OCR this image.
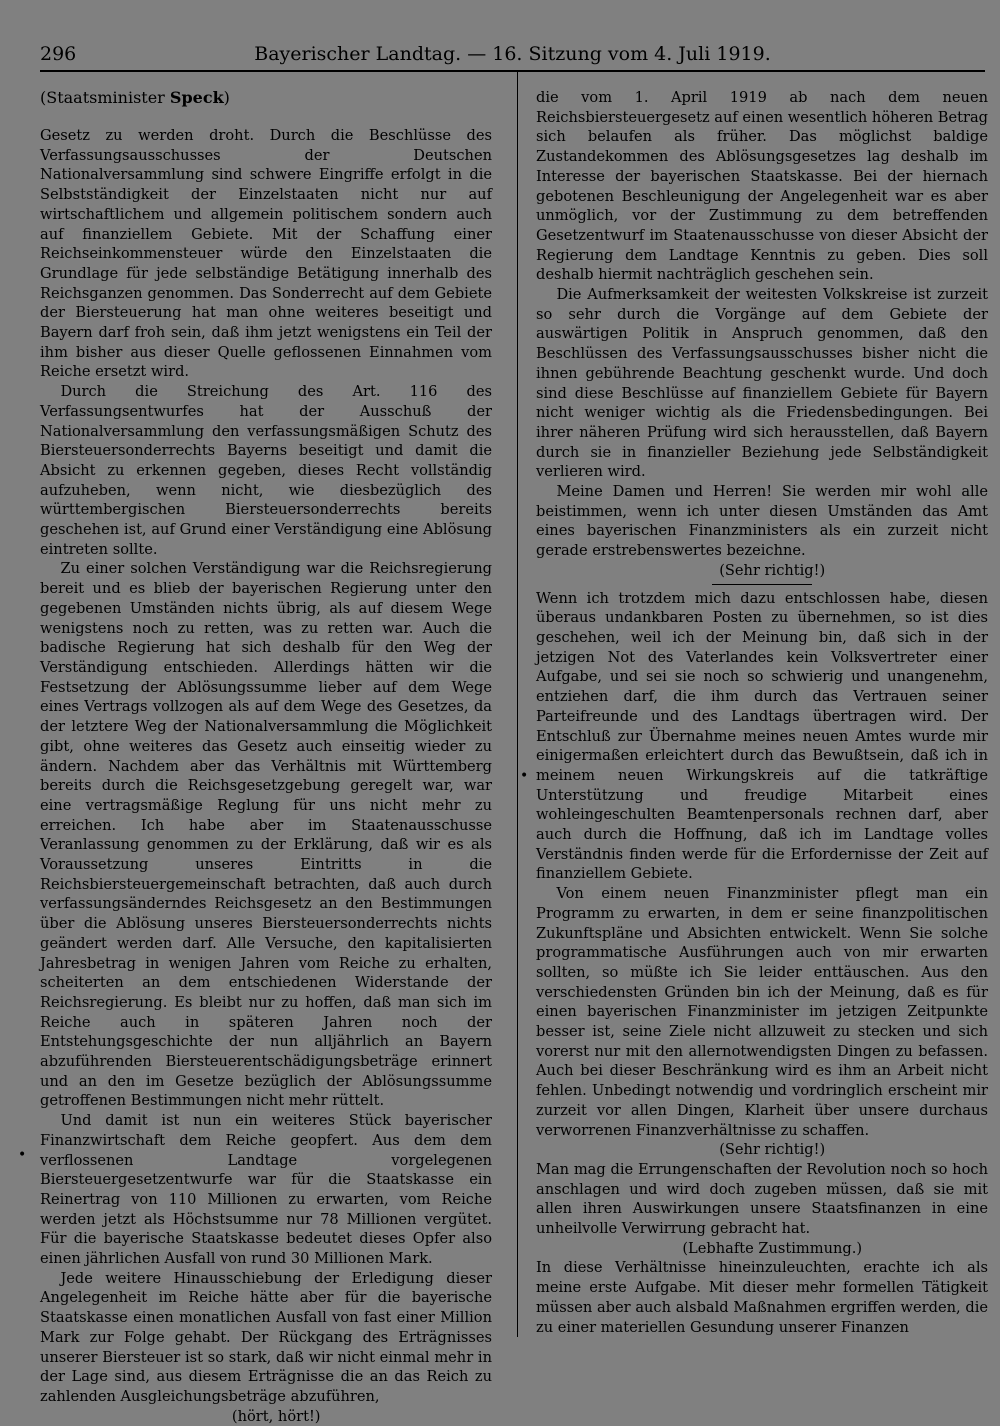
296	Bayerischer Landtag. — 16. Sitzung vom 4. Juli 1919.
(Staatsminister Speck)

Gesetz zu werden droht. Durch die Beschlüsse des Verfassungsausschusses der Deutschen Nationalversammlung sind schwere Eingriffe erfolgt in die Selbstständigkeit der Einzelstaaten nicht nur auf wirtschaftlichem und allgemein politischem sondern auch auf finanziellem Gebiete. Mit der Schaffung einer Reichseinkommensteuer würde den Einzelstaaten die Grundlage für jede selbständige Betätigung innerhalb des Reichsganzen genommen. Das Sonderrecht auf dem Gebiete der Biersteuerung hat man ohne weiteres beseitigt und Bayern darf froh sein, daß ihm jetzt wenigstens ein Teil der ihm bisher aus dieser Quelle geflossenen Einnahmen vom Reiche ersetzt wird.

Durch die Streichung des Art. 116 des Verfassungsentwurfes hat der Ausschuß der Nationalversammlung den verfassungsmäßigen Schutz des Biersteuersonderrechts Bayerns beseitigt und damit die Absicht zu erkennen gegeben, dieses Recht vollständig aufzuheben, wenn nicht, wie diesbezüglich des württembergischen Biersteuersonderrechts bereits geschehen ist, auf Grund einer Verständigung eine Ablösung eintreten sollte.

Zu einer solchen Verständigung war die Reichsregierung bereit und es blieb der bayerischen Regierung unter den gegebenen Umständen nichts übrig, als auf diesem Wege wenigstens noch zu retten, was zu retten war. Auch die badische Regierung hat sich deshalb für den Weg der Verständigung entschieden. Allerdings hätten wir die Festsetzung der Ablösungssumme lieber auf dem Wege eines Vertrags vollzogen als auf dem Wege des Gesetzes, da der letztere Weg der Nationalversammlung die Möglichkeit gibt, ohne weiteres das Gesetz auch einseitig wieder zu ändern. Nachdem aber das Verhältnis mit Württemberg bereits durch die Reichsgesetzgebung geregelt war, war eine vertragsmäßige Reglung für uns nicht mehr zu erreichen. Ich habe aber im Staatenausschusse Veranlassung genommen zu der Erklärung, daß wir es als Voraussetzung unseres Eintritts in die Reichsbiersteuergemeinschaft betrachten, daß auch durch verfassungsänderndes Reichsgesetz an den Bestimmungen über die Ablösung unseres Biersteuersonderrechts nichts geändert werden darf. Alle Versuche, den kapitalisierten Jahresbetrag in wenigen Jahren vom Reiche zu erhalten, scheiterten an dem entschiedenen Widerstande der Reichsregierung. Es bleibt nur zu hoffen, daß man sich im Reiche auch in späteren Jahren noch der Entstehungsgeschichte der nun alljährlich an Bayern abzuführenden Biersteuerentschädigungsbeträge erinnert und an den im Gesetze bezüglich der Ablösungssumme getroffenen Bestimmungen nicht mehr rüttelt.

Und damit ist nun ein weiteres Stück bayerischer Finanzwirtschaft dem Reiche geopfert. Aus dem dem verflossenen Landtage vorgelegenen Biersteuergesetzentwurfe war für die Staatskasse ein Reinertrag von 110 Millionen zu erwarten, vom Reiche werden jetzt als Höchstsumme nur 78 Millionen vergütet. Für die bayerische Staatskasse bedeutet dieses Opfer also einen jährlichen Ausfall von rund 30 Millionen Mark.

Jede weitere Hinausschiebung der Erledigung dieser Angelegenheit im Reiche hätte aber für die bayerische Staatskasse einen monatlichen Ausfall von fast einer Million Mark zur Folge gehabt. Der Rückgang des Erträgnisses unserer Biersteuer ist so stark, daß wir nicht einmal mehr in der Lage sind, aus diesem Erträgnisse die an das Reich zu zahlenden Ausgleichungsbeträge abzuführen,

(hört, hört!)

die vom 1. April 1919 ab nach dem neuen Reichsbiersteuergesetz auf einen wesentlich höheren Betrag sich belaufen als früher. Das möglichst baldige Zustandekommen des Ablösungsgesetzes lag deshalb im Interesse der bayerischen Staatskasse. Bei der hiernach gebotenen Beschleunigung der Angelegenheit war es aber unmöglich, vor der Zustimmung zu dem betreffenden Gesetzentwurf im Staatenausschusse von dieser Absicht der Regierung dem Landtage Kenntnis zu geben. Dies soll deshalb hiermit nachträglich geschehen sein.

Die Aufmerksamkeit der weitesten Volkskreise ist zurzeit so sehr durch die Vorgänge auf dem Gebiete der auswärtigen Politik in Anspruch genommen, daß den Beschlüssen des Verfassungsausschusses bisher nicht die ihnen gebührende Beachtung geschenkt wurde. Und doch sind diese Beschlüsse auf finanziellem Gebiete für Bayern nicht weniger wichtig als die Friedensbedingungen. Bei ihrer näheren Prüfung wird sich herausstellen, daß Bayern durch sie in finanzieller Beziehung jede Selbständigkeit verlieren wird.

Meine Damen und Herren! Sie werden mir wohl alle beistimmen, wenn ich unter diesen Umständen das Amt eines bayerischen Finanzministers als ein zurzeit nicht gerade erstrebenswertes bezeichne.

(Sehr richtig!)

Wenn ich trotzdem mich dazu entschlossen habe, diesen überaus undankbaren Posten zu übernehmen, so ist dies geschehen, weil ich der Meinung bin, daß sich in der jetzigen Not des Vaterlandes kein Volksvertreter einer Aufgabe, und sei sie noch so schwierig und unangenehm, entziehen darf, die ihm durch das Vertrauen seiner Parteifreunde und des Landtags übertragen wird. Der Entschluß zur Übernahme meines neuen Amtes wurde mir einigermaßen erleichtert durch das Bewußtsein, daß ich in meinem neuen Wirkungskreis auf die tatkräftige Unterstützung und freudige Mitarbeit eines wohleingeschulten Beamtenpersonals rechnen darf, aber auch durch die Hoffnung, daß ich im Landtage volles Verständnis finden werde für die Erfordernisse der Zeit auf finanziellem Gebiete.

Von einem neuen Finanzminister pflegt man ein Programm zu erwarten, in dem er seine finanzpolitischen Zukunftspläne und Absichten entwickelt. Wenn Sie solche programmatische Ausführungen auch von mir erwarten sollten, so müßte ich Sie leider enttäuschen. Aus den verschiedensten Gründen bin ich der Meinung, daß es für einen bayerischen Finanzminister im jetzigen Zeitpunkte besser ist, seine Ziele nicht allzuweit zu stecken und sich vorerst nur mit den allernotwendigsten Dingen zu befassen. Auch bei dieser Beschränkung wird es ihm an Arbeit nicht fehlen. Unbedingt notwendig und vordringlich erscheint mir zurzeit vor allen Dingen, Klarheit über unsere durchaus verworrenen Finanzverhältnisse zu schaffen.

(Sehr richtig!)

Man mag die Errungenschaften der Revolution noch so hoch anschlagen und wird doch zugeben müssen, daß sie mit allen ihren Auswirkungen unsere Staatsfinanzen in eine unheilvolle Verwirrung gebracht hat.

(Lebhafte Zustimmung.)

In diese Verhältnisse hineinzuleuchten, erachte ich als meine erste Aufgabe. Mit dieser mehr formellen Tätigkeit müssen aber auch alsbald Maßnahmen ergriffen werden, die zu einer materiellen Gesundung unserer Finanzen

•
•
